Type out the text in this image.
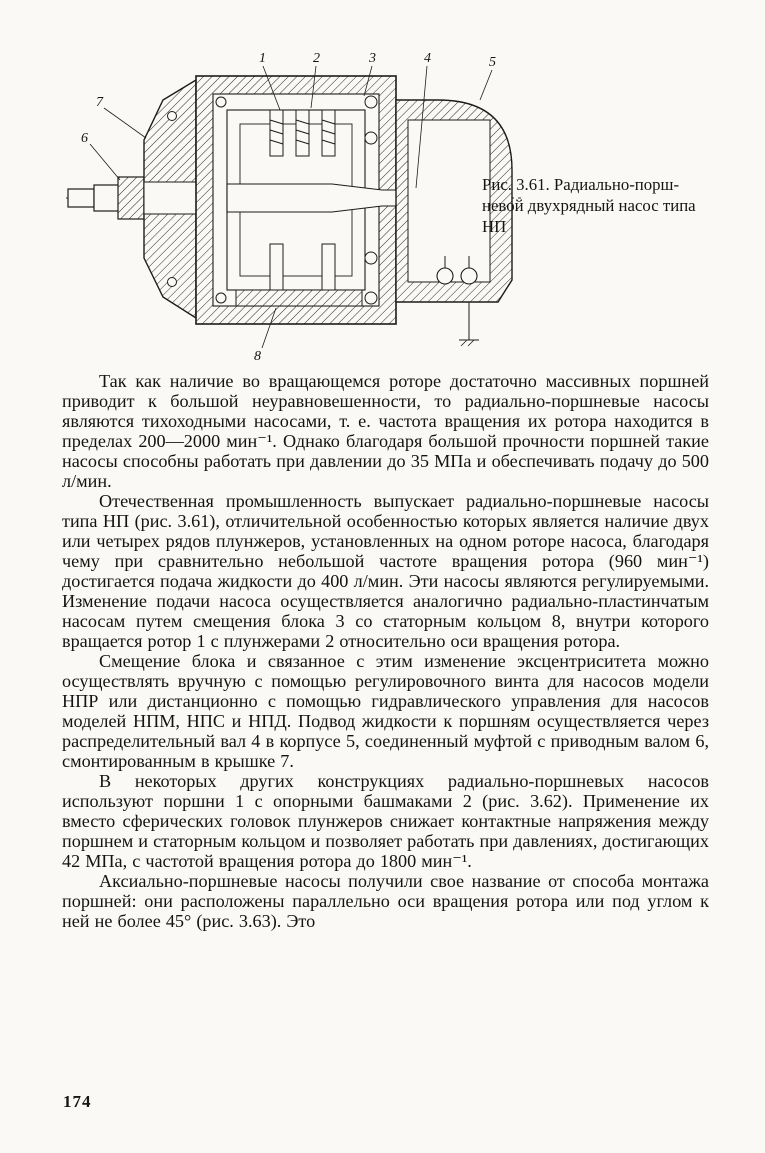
1	2	3	4	5
6
7
8
Рис. 3.61. Радиально-порш-
невой двухрядный насос типа
НП

Так как наличие во вращающемся роторе достаточно массивных поршней приводит к большой неуравновешенности, то радиально-поршневые насосы являются тихоходными насосами, т. е. частота вращения их ротора находится в пределах 200—2000 мин⁻¹. Однако благодаря большой прочности поршней такие насосы способны работать при давлении до 35 МПа и обеспечивать подачу до 500 л/мин.

Отечественная промышленность выпускает радиально-поршневые насосы типа НП (рис. 3.61), отличительной особенностью которых является наличие двух или четырех рядов плунжеров, установленных на одном роторе насоса, благодаря чему при сравнительно небольшой частоте вращения ротора (960 мин⁻¹) достигается подача жидкости до 400 л/мин. Эти насосы являются регулируемыми. Изменение подачи насоса осуществляется аналогично радиально-пластинчатым насосам путем смещения блока 3 со статорным кольцом 8, внутри которого вращается ротор 1 с плунжерами 2 относительно оси вращения ротора.

Смещение блока и связанное с этим изменение эксцентриситета можно осуществлять вручную с помощью регулировочного винта для насосов модели НПР или дистанционно с помощью гидравлического управления для насосов моделей НПМ, НПС и НПД. Подвод жидкости к поршням осуществляется через распределительный вал 4 в корпусе 5, соединенный муфтой с приводным валом 6, смонтированным в крышке 7.

В некоторых других конструкциях радиально-поршневых насосов используют поршни 1 с опорными башмаками 2 (рис. 3.62). Применение их вместо сферических головок плунжеров снижает контактные напряжения между поршнем и статорным кольцом и позволяет работать при давлениях, достигающих 42 МПа, с частотой вращения ротора до 1800 мин⁻¹.

Аксиально-поршневые насосы получили свое название от способа монтажа поршней: они расположены параллельно оси вращения ротора или под углом к ней не более 45° (рис. 3.63). Это

174
